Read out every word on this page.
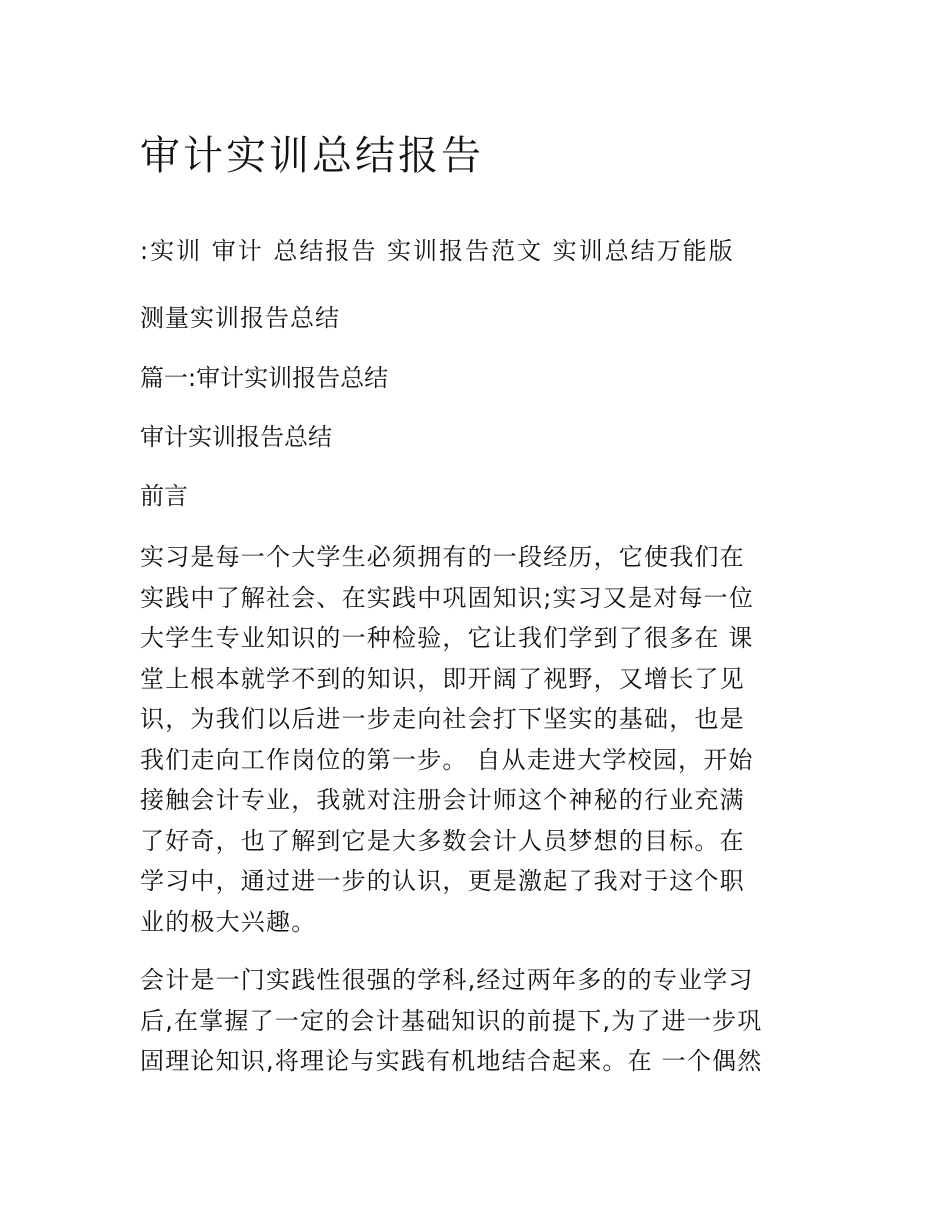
审计实训总结报告

:实训 审计 总结报告 实训报告范文 实训总结万能版

测量实训报告总结

篇一:审计实训报告总结

审计实训报告总结

前言

实习是每一个大学生必须拥有的一段经历，它使我们在
实践中了解社会、在实践中巩固知识;实习又是对每一位
大学生专业知识的一种检验，它让我们学到了很多在 课
堂上根本就学不到的知识，即开阔了视野，又增长了见
识，为我们以后进一步走向社会打下坚实的基础，也是
我们走向工作岗位的第一步。 自从走进大学校园，开始
接触会计专业，我就对注册会计师这个神秘的行业充满
了好奇，也了解到它是大多数会计人员梦想的目标。在
学习中，通过进一步的认识，更是激起了我对于这个职
业的极大兴趣。
会计是一门实践性很强的学科,经过两年多的的专业学习
后,在掌握了一定的会计基础知识的前提下,为了进一步巩
固理论知识,将理论与实践有机地结合起来。在 一个偶然
